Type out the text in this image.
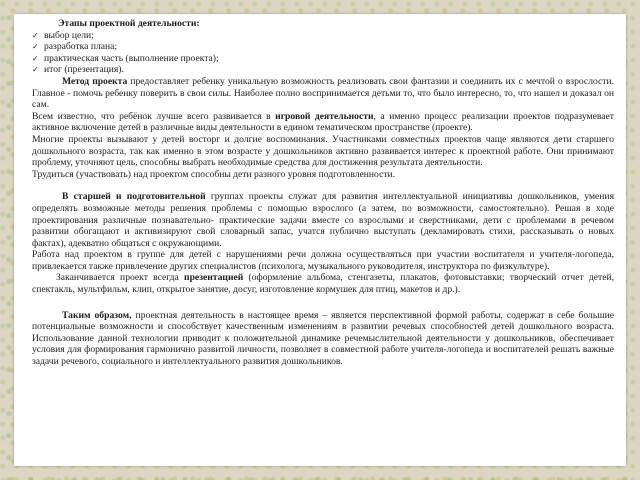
Этапы проектной деятельности:

✓ выбор цели;
✓ разработка плана;
✓ практическая часть (выполнение проекта);
✓ итог (презентация).

Метод проекта предоставляет ребенку уникальную возможность реализовать свои фантазии и соединить их с мечтой о взрослости. Главное - помочь ребенку поверить в свои силы. Наиболее полно воспринимается детьми то, что было интересно, то, что нашел и доказал он сам.

Всем известно, что ребёнок лучше всего развивается в игровой деятельности, а именно процесс реализации проектов подразумевает активное включение детей в различные виды деятельности в едином тематическом пространстве (проекте).

Многие проекты вызывают у детей восторг и долгие воспоминания. Участниками совместных проектов чаще являются дети старшего дошкольного возраста, так как именно в этом возрасте у дошкольников активно развивается интерес к проектной работе. Они принимают проблему, уточняют цель, способны выбрать необходимые средства для достижения результата деятельности.

Трудиться (участвовать) над проектом способны дети разного уровня подготовленности.

В старшей и подготовительной группах проекты служат для развития интеллектуальной инициативы дошкольников, умения определять возможные методы решения проблемы с помощью взрослого (а затем, по возможности, самостоятельно). Решая в ходе проектирования различные познавательно- практические задачи вместе со взрослыми и сверстниками, дети с проблемами в речевом развитии обогащают и активизируют свой словарный запас, учатся публично выступать (декламировать стихи, рассказывать о новых фактах), адекватно общаться с окружающими.

Работа над проектом в группе для детей с нарушениями речи должна осуществляться при участии воспитателя и учителя-логопеда, привлекается также привлечение других специалистов (психолога, музыкального руководителя, инструктора по физкультуре).

Заканчивается проект всегда презентацией (оформление альбома, стенгазеты, плакатов, фотовыставки; творческий отчет детей, спектакль, мультфильм, клип, открытое занятие, досуг, изготовление кормушек для птиц, макетов и др.).

Таким образом, проектная деятельность в настоящее время – является перспективной формой работы, содержат в себе большие потенциальные возможности и способствует качественным изменениям в развитии речевых способностей детей дошкольного возраста. Использование данной технологии приводит к положительной динамике речемыслительной деятельности у дошкольников, обеспечивает условия для формирования гармонично развитой личности, позволяет в совместной работе учителя-логопеда и воспитателей решать важные задачи речевого, социального и интеллектуального развития дошкольников.
